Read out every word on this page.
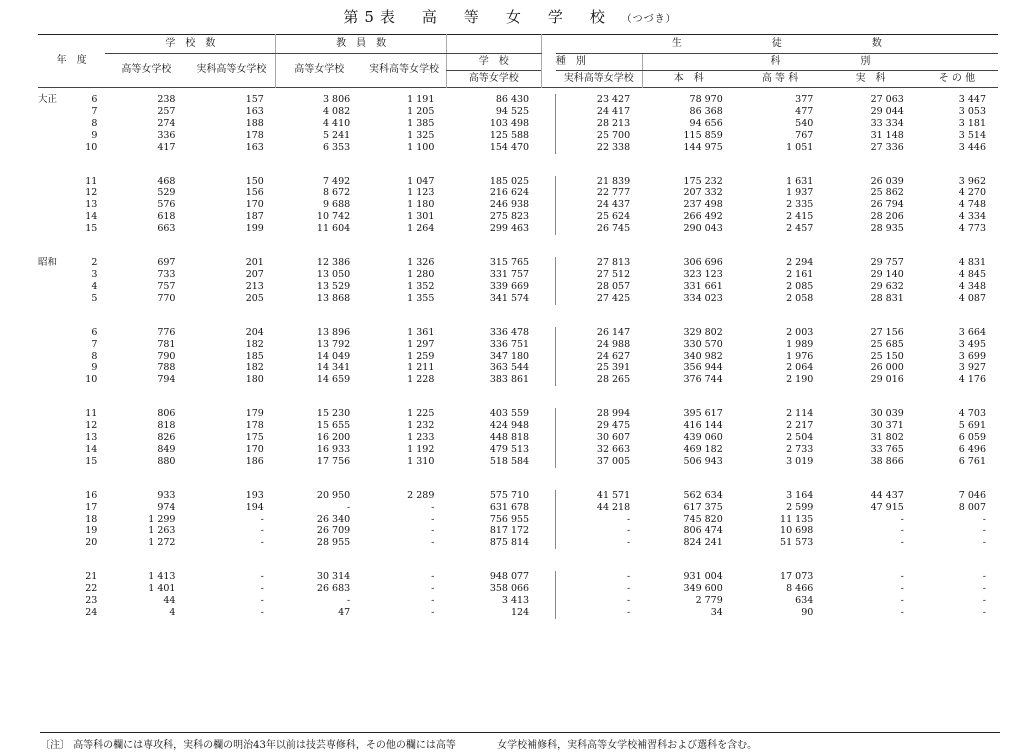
第5表　高　等　女　学　校 （つづき）
年　度		学　校　数		教　員　数				生　　　　　　　　　徒　　　　　　　　　数				
		高等女学校	実科高等女学校	高等女学校	実科高等女学校	学　校		種　別	科　　　　　　　　別			
						高等女学校		実科高等女学校	本　科	高 等 科	実　科	そ の 他

大正	6	238	157	3 806	1 191	86 430		23 427	78 970	377	27 063	3 447
	7	257	163	4 082	1 205	94 525		24 417	86 368	477	29 044	3 053
	8	274	188	4 410	1 385	103 498		28 213	94 656	540	33 334	3 181
	9	336	178	5 241	1 325	125 588		25 700	115 859	767	31 148	3 514
	10	417	163	6 353	1 100	154 470		22 338	144 975	1 051	27 336	3 446

	11	468	150	7 492	1 047	185 025		21 839	175 232	1 631	26 039	3 962
	12	529	156	8 672	1 123	216 624		22 777	207 332	1 937	25 862	4 270
	13	576	170	9 688	1 180	246 938		24 437	237 498	2 335	26 794	4 748
	14	618	187	10 742	1 301	275 823		25 624	266 492	2 415	28 206	4 334
	15	663	199	11 604	1 264	299 463		26 745	290 043	2 457	28 935	4 773

昭和	2	697	201	12 386	1 326	315 765		27 813	306 696	2 294	29 757	4 831
	3	733	207	13 050	1 280	331 757		27 512	323 123	2 161	29 140	4 845
	4	757	213	13 529	1 352	339 669		28 057	331 661	2 085	29 632	4 348
	5	770	205	13 868	1 355	341 574		27 425	334 023	2 058	28 831	4 087

	6	776	204	13 896	1 361	336 478		26 147	329 802	2 003	27 156	3 664
	7	781	182	13 792	1 297	336 751		24 988	330 570	1 989	25 685	3 495
	8	790	185	14 049	1 259	347 180		24 627	340 982	1 976	25 150	3 699
	9	788	182	14 341	1 211	363 544		25 391	356 944	2 064	26 000	3 927
	10	794	180	14 659	1 228	383 861		28 265	376 744	2 190	29 016	4 176

	11	806	179	15 230	1 225	403 559		28 994	395 617	2 114	30 039	4 703
	12	818	178	15 655	1 232	424 948		29 475	416 144	2 217	30 371	5 691
	13	826	175	16 200	1 233	448 818		30 607	439 060	2 504	31 802	6 059
	14	849	170	16 933	1 192	479 513		32 663	469 182	2 733	33 765	6 496
	15	880	186	17 756	1 310	518 584		37 005	506 943	3 019	38 866	6 761

	16	933	193	20 950	2 289	575 710		41 571	562 634	3 164	44 437	7 046
	17	974	194	-	-	631 678		44 218	617 375	2 599	47 915	8 007
	18	1 299	-	26 340	-	756 955		-	745 820	11 135	-	-
	19	1 263	-	26 709	-	817 172		-	806 474	10 698	-	-
	20	1 272	-	28 955	-	875 814		-	824 241	51 573	-	-

	21	1 413	-	30 314	-	948 077		-	931 004	17 073	-	-
	22	1 401	-	26 683	-	358 066		-	349 600	8 466	-	-
	23	44	-	-	-	3 413		-	2 779	634	-	-
	24	4	-	47	-	124		-	34	90	-	-
〔注〕 高等科の欄には専攻科，実科の欄の明治43年以前は技芸専修科，その他の欄には高等	女学校補修科，実科高等女学校補習科および選科を含む。
